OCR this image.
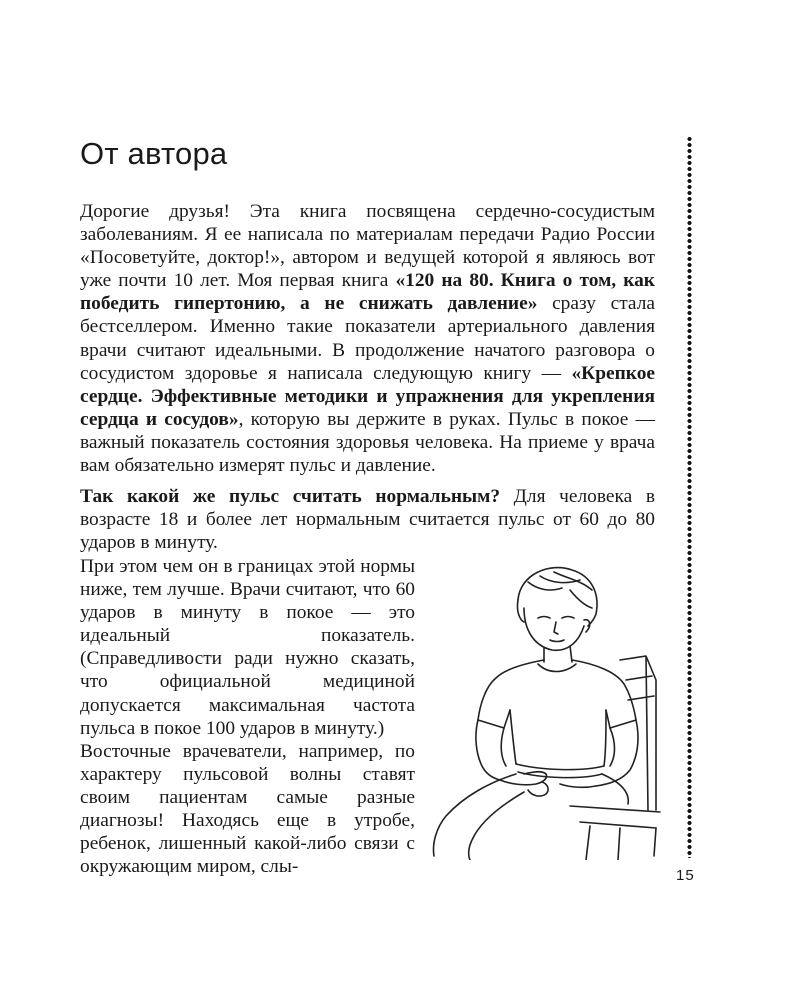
От автора

Дорогие друзья! Эта книга посвящена сердечно-сосудистым заболеваниям. Я ее написала по материалам передачи Радио России «Посоветуйте, доктор!», автором и ведущей которой я являюсь вот уже почти 10 лет. Моя первая книга «120 на 80. Книга о том, как победить гипертонию, а не снижать давление» сразу стала бестселлером. Именно такие показатели артериального давления врачи считают идеальными. В продолжение начатого разговора о сосудистом здоровье я написала следующую книгу — «Крепкое сердце. Эффективные методики и упражнения для укрепления сердца и сосудов», которую вы держите в руках. Пульс в покое — важный показатель состояния здоровья человека. На приеме у врача вам обязательно измерят пульс и давление.

Так какой же пульс считать нормальным? Для человека в возрасте 18 и более лет нормальным считается пульс от 60 до 80 ударов в минуту.

При этом чем он в границах этой нормы ниже, тем лучше. Врачи считают, что 60 ударов в минуту в покое — это идеальный показатель. (Справедливости ради нужно сказать, что официальной медициной допускается максимальная частота пульса в покое 100 ударов в минуту.)

Восточные врачеватели, например, по характеру пульсовой волны ставят своим пациентам самые разные диагнозы! Находясь еще в утробе, ребенок, лишенный какой-либо связи с окружающим миром, слы-	15
